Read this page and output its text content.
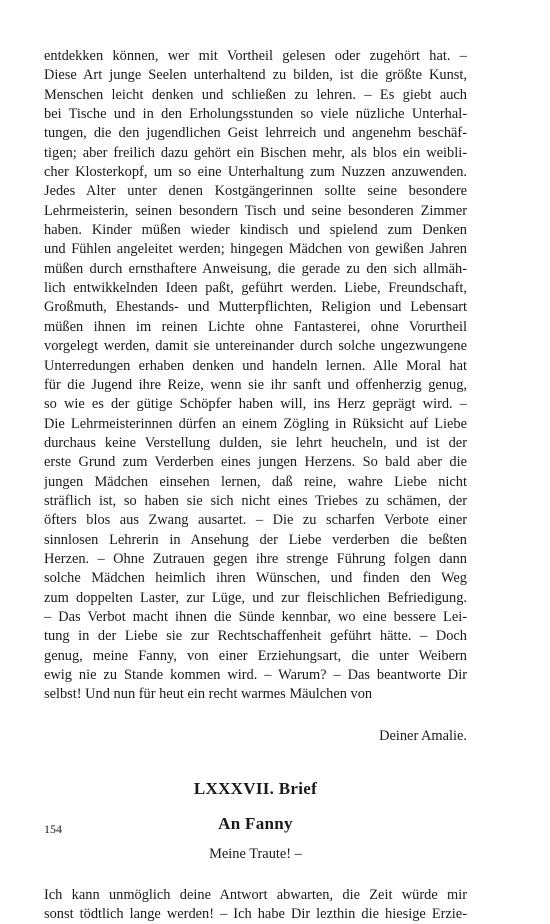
entdekken können, wer mit Vortheil gelesen oder zugehört hat. –
Diese Art junge Seelen unterhaltend zu bilden, ist die größte Kunst,
Menschen leicht denken und schließen zu lehren. – Es giebt auch
bei Tische und in den Erholungsstunden so viele nüzliche Unterhal-
tungen, die den jugendlichen Geist lehrreich und angenehm beschäf-
tigen; aber freilich dazu gehört ein Bischen mehr, als blos ein weibli-
cher Klosterkopf, um so eine Unterhaltung zum Nuzzen anzuwenden.
Jedes Alter unter denen Kostgängerinnen sollte seine besondere
Lehrmeisterin, seinen besondern Tisch und seine besonderen Zimmer
haben. Kinder müßen wieder kindisch und spielend zum Denken
und Fühlen angeleitet werden; hingegen Mädchen von gewißen Jahren
müßen durch ernsthaftere Anweisung, die gerade zu den sich allmäh-
lich entwikkelnden Ideen paßt, geführt werden. Liebe, Freundschaft,
Großmuth, Ehestands- und Mutterpflichten, Religion und Lebensart
müßen ihnen im reinen Lichte ohne Fantasterei, ohne Vorurtheil
vorgelegt werden, damit sie untereinander durch solche ungezwungene
Unterredungen erhaben denken und handeln lernen. Alle Moral hat
für die Jugend ihre Reize, wenn sie ihr sanft und offenherzig genug,
so wie es der gütige Schöpfer haben will, ins Herz geprägt wird. –
Die Lehrmeisterinnen dürfen an einem Zögling in Rüksicht auf Liebe
durchaus keine Verstellung dulden, sie lehrt heucheln, und ist der
erste Grund zum Verderben eines jungen Herzens. So bald aber die
jungen Mädchen einsehen lernen, daß reine, wahre Liebe nicht
sträflich ist, so haben sie sich nicht eines Triebes zu schämen, der
öfters blos aus Zwang ausartet. – Die zu scharfen Verbote einer
sinnlosen Lehrerin in Ansehung der Liebe verderben die beßten
Herzen. – Ohne Zutrauen gegen ihre strenge Führung folgen dann
solche Mädchen heimlich ihren Wünschen, und finden den Weg
zum doppelten Laster, zur Lüge, und zur fleischlichen Befriedigung.
– Das Verbot macht ihnen die Sünde kennbar, wo eine bessere Lei-
tung in der Liebe sie zur Rechtschaffenheit geführt hätte. – Doch
genug, meine Fanny, von einer Erziehungsart, die unter Weibern
ewig nie zu Stande kommen wird. – Warum? – Das beantworte Dir
selbst! Und nun für heut ein recht warmes Mäulchen von
Deiner Amalie.
LXXXVII. Brief
An Fanny
Meine Traute! –
Ich kann unmöglich deine Antwort abwarten, die Zeit würde mir
sonst tödtlich lange werden! – Ich habe Dir lezthin die hiesige Erzie-
154
